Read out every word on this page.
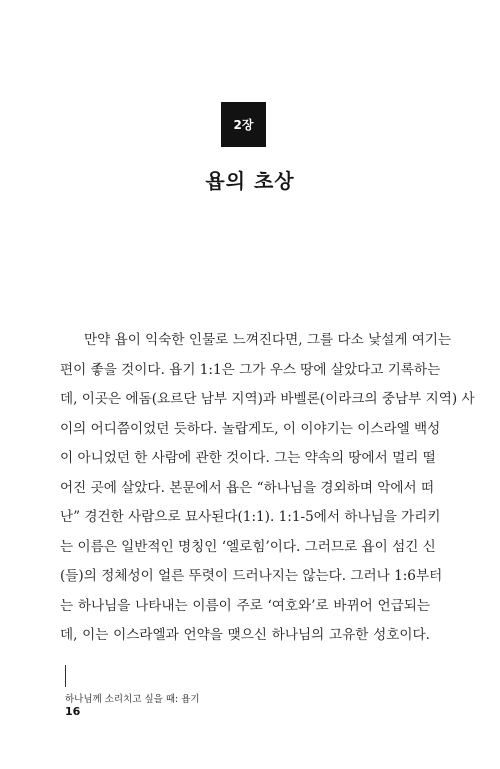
2장
욥의 초상
만약 욥이 익숙한 인물로 느껴진다면, 그를 다소 낯설게 여기는
편이 좋을 것이다. 욥기 1:1은 그가 우스 땅에 살았다고 기록하는
데, 이곳은 에돔(요르단 남부 지역)과 바벨론(이라크의 중남부 지역) 사
이의 어디쯤이었던 듯하다. 놀랍게도, 이 이야기는 이스라엘 백성
이 아니었던 한 사람에 관한 것이다. 그는 약속의 땅에서 멀리 떨
어진 곳에 살았다. 본문에서 욥은 “하나님을 경외하며 악에서 떠
난” 경건한 사람으로 묘사된다(1:1). 1:1-5에서 하나님을 가리키
는 이름은 일반적인 명칭인 ‘엘로힘’이다. 그러므로 욥이 섬긴 신
(들)의 정체성이 얼른 뚜렷이 드러나지는 않는다. 그러나 1:6부터
는 하나님을 나타내는 이름이 주로 ‘여호와’로 바뀌어 언급되는
데, 이는 이스라엘과 언약을 맺으신 하나님의 고유한 성호이다.
하나님께 소리치고 싶을 때: 욥기
16
